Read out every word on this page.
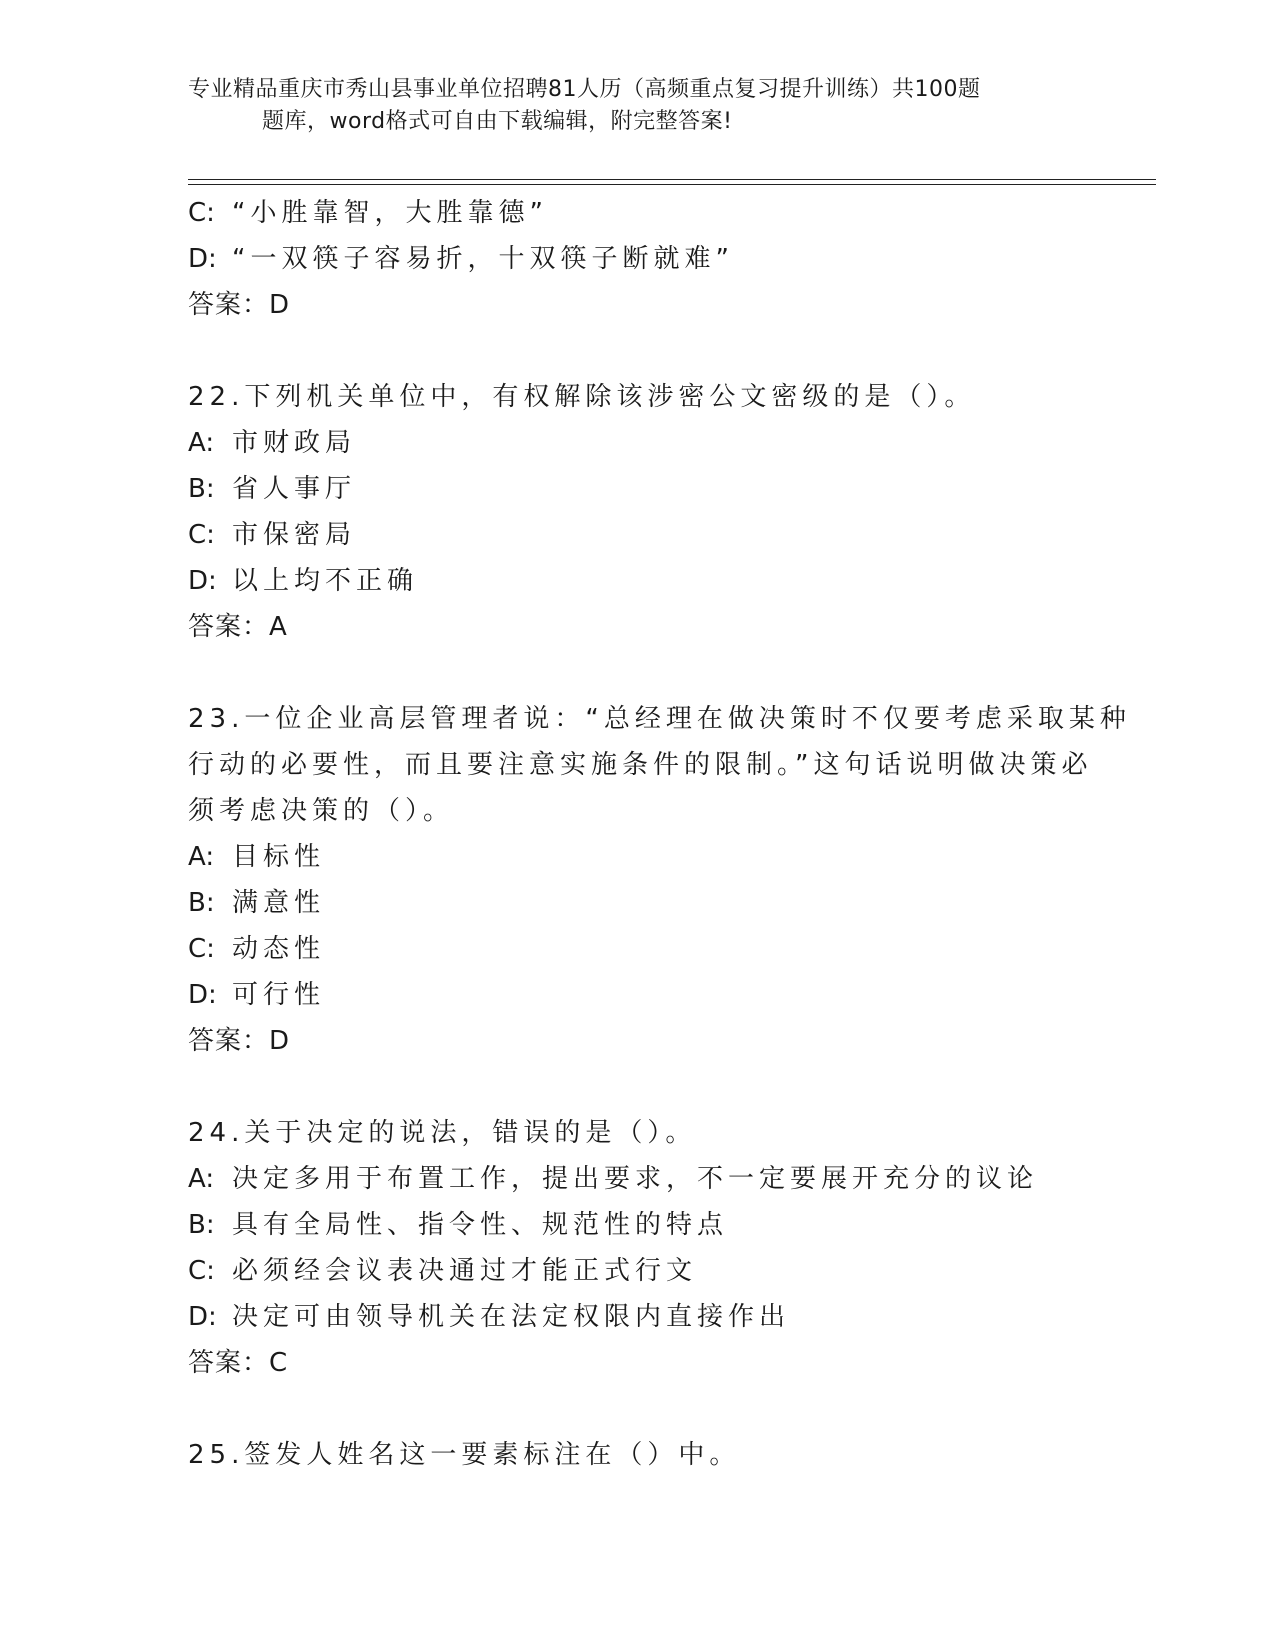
专业精品重庆市秀山县事业单位招聘81人历（高频重点复习提升训练）共100题
题库，word格式可自由下载编辑，附完整答案!
C: “小胜靠智，大胜靠德”
D: “一双筷子容易折，十双筷子断就难”
答案：D
22.下列机关单位中，有权解除该涉密公文密级的是（）。
A: 市财政局
B: 省人事厅
C: 市保密局
D: 以上均不正确
答案：A
23.一位企业高层管理者说：“总经理在做决策时不仅要考虑采取某种
行动的必要性，而且要注意实施条件的限制。”这句话说明做决策必
须考虑决策的（）。
A: 目标性
B: 满意性
C: 动态性
D: 可行性
答案：D
24.关于决定的说法，错误的是（）。
A: 决定多用于布置工作，提出要求，不一定要展开充分的议论
B: 具有全局性、指令性、规范性的特点
C: 必须经会议表决通过才能正式行文
D: 决定可由领导机关在法定权限内直接作出
答案：C
25.签发人姓名这一要素标注在（）中。
